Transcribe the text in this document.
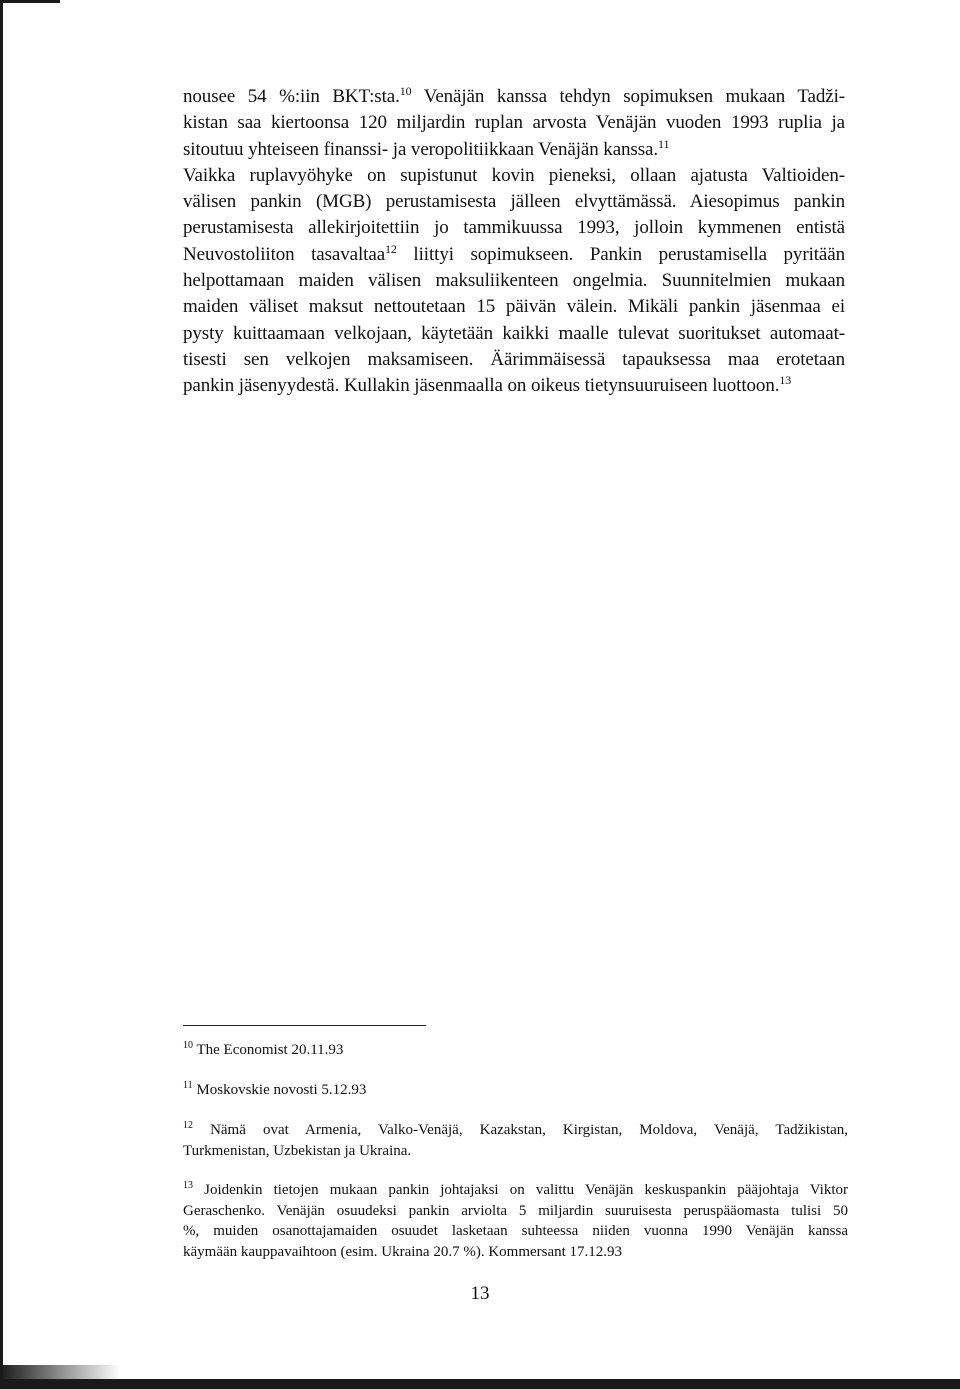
nousee 54 %:iin BKT:sta.$^{10}$ Venäjän kanssa tehdyn sopimuksen mukaan Tadži-
kistan saa kiertoonsa 120 miljardin ruplan arvosta Venäjän vuoden 1993 ruplia ja
sitoutuu yhteiseen finanssi- ja veropolitiikkaan Venäjän kanssa.$^{11}$
Vaikka ruplavyöhyke on supistunut kovin pieneksi, ollaan ajatusta Valtioiden-
välisen pankin (MGB) perustamisesta jälleen elvyttämässä. Aiesopimus pankin
perustamisesta allekirjoitettiin jo tammikuussa 1993, jolloin kymmenen entistä
Neuvostoliiton tasavaltaa$^{12}$ liittyi sopimukseen. Pankin perustamisella pyritään
helpottamaan maiden välisen maksuliikenteen ongelmia. Suunnitelmien mukaan
maiden väliset maksut nettoutetaan 15 päivän välein. Mikäli pankin jäsenmaa ei
pysty kuittaamaan velkojaan, käytetään kaikki maalle tulevat suoritukset automaat-
tisesti sen velkojen maksamiseen. Äärimmäisessä tapauksessa maa erotetaan
pankin jäsenyydestä. Kullakin jäsenmaalla on oikeus tietynsuuruiseen luottoon.$^{13}$
$^{10}$ The Economist 20.11.93
$^{11}$ Moskovskie novosti 5.12.93
$^{12}$ Nämä ovat Armenia, Valko-Venäjä, Kazakstan, Kirgistan, Moldova, Venäjä, Tadžikistan,
Turkmenistan, Uzbekistan ja Ukraina.
$^{13}$ Joidenkin tietojen mukaan pankin johtajaksi on valittu Venäjän keskuspankin pääjohtaja Viktor
Geraschenko. Venäjän osuudeksi pankin arviolta 5 miljardin suuruisesta peruspääomasta tulisi 50
%, muiden osanottajamaiden osuudet lasketaan suhteessa niiden vuonna 1990 Venäjän kanssa
käymään kauppavaihtoon (esim. Ukraina 20.7 %). Kommersant 17.12.93
13
